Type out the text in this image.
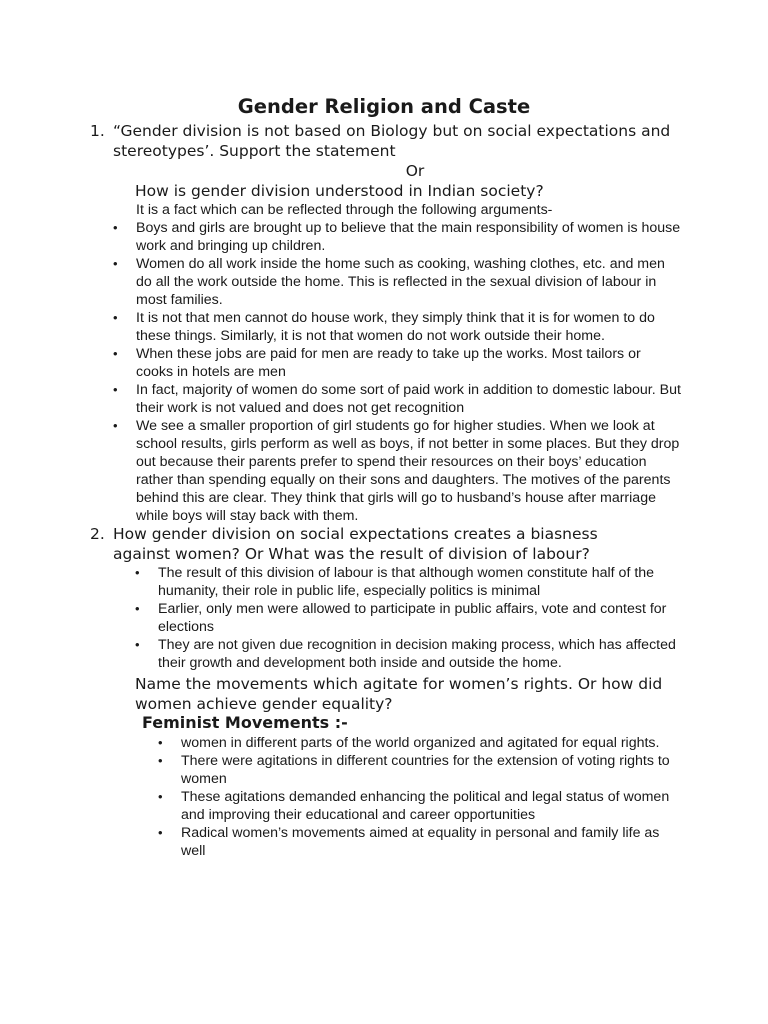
Gender Religion and Caste
1. “Gender division is not based on Biology but on social expectations and stereotypes’. Support the statement
Or
How is gender division understood in Indian society?
It is a fact which can be reflected through the following arguments-
• Boys and girls are brought up to believe that the main responsibility of women is house work and bringing up children.
• Women do all work inside the home such as cooking, washing clothes, etc. and men do all the work outside the home. This is reflected in the sexual division of labour in most families.
• It is not that men cannot do house work, they simply think that it is for women to do these things. Similarly, it is not that women do not work outside their home.
• When these jobs are paid for men are ready to take up the works. Most tailors or cooks in hotels are men
• In fact, majority of women do some sort of paid work in addition to domestic labour. But their work is not valued and does not get recognition
• We see a smaller proportion of girl students go for higher studies. When we look at school results, girls perform as well as boys, if not better in some places. But they drop out because their parents prefer to spend their resources on their boys’ education rather than spending equally on their sons and daughters. The motives of the parents behind this are clear. They think that girls will go to husband’s house after marriage while boys will stay back with them.
2. How gender division on social expectations creates a biasness against women? Or What was the result of division of labour?
• The result of this division of labour is that although women constitute half of the humanity, their role in public life, especially politics is minimal
• Earlier, only men were allowed to participate in public affairs, vote and contest for elections
• They are not given due recognition in decision making process, which has affected their growth and development both inside and outside the home.
Name the movements which agitate for women’s rights. Or how did women achieve gender equality?
Feminist Movements :-
• women in different parts of the world organized and agitated for equal rights.
• There were agitations in different countries for the extension of voting rights to women
• These agitations demanded enhancing the political and legal status of women and improving their educational and career opportunities
• Radical women’s movements aimed at equality in personal and family life as well
